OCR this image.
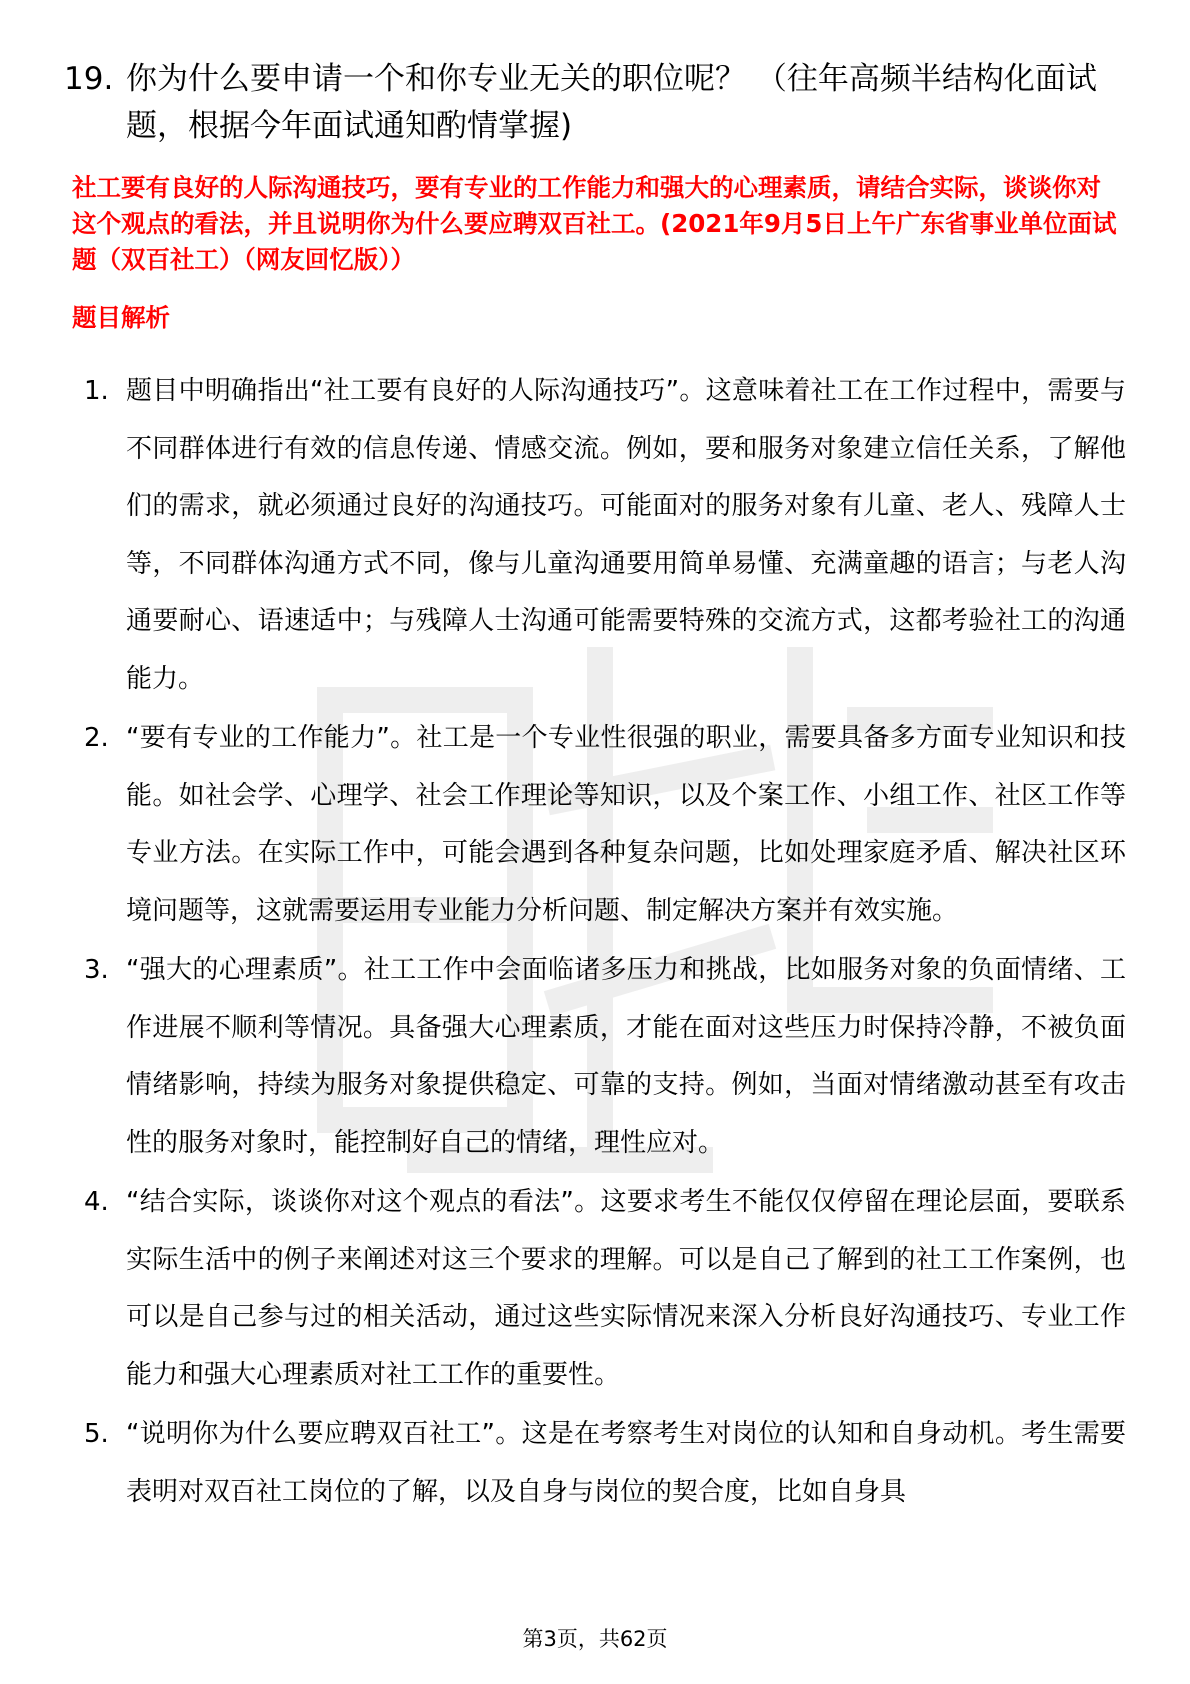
19. 你为什么要申请一个和你专业无关的职位呢？ （往年高频半结构化面试题，根据今年面试通知酌情掌握)
社工要有良好的人际沟通技巧，要有专业的工作能力和强大的心理素质，请结合实际，谈谈你对这个观点的看法，并且说明你为什么要应聘双百社工。(2021年9月5日上午广东省事业单位面试题（双百社工）（网友回忆版））
题目解析
1. 题目中明确指出“社工要有良好的人际沟通技巧”。这意味着社工在工作过程中，需要与不同群体进行有效的信息传递、情感交流。例如，要和服务对象建立信任关系，了解他们的需求，就必须通过良好的沟通技巧。可能面对的服务对象有儿童、老人、残障人士等，不同群体沟通方式不同，像与儿童沟通要用简单易懂、充满童趣的语言；与老人沟通要耐心、语速适中；与残障人士沟通可能需要特殊的交流方式，这都考验社工的沟通能力。
2. “要有专业的工作能力”。社工是一个专业性很强的职业，需要具备多方面专业知识和技能。如社会学、心理学、社会工作理论等知识，以及个案工作、小组工作、社区工作等专业方法。在实际工作中，可能会遇到各种复杂问题，比如处理家庭矛盾、解决社区环境问题等，这就需要运用专业能力分析问题、制定解决方案并有效实施。
3. “强大的心理素质”。社工工作中会面临诸多压力和挑战，比如服务对象的负面情绪、工作进展不顺利等情况。具备强大心理素质，才能在面对这些压力时保持冷静，不被负面情绪影响，持续为服务对象提供稳定、可靠的支持。例如，当面对情绪激动甚至有攻击性的服务对象时，能控制好自己的情绪，理性应对。
4. “结合实际，谈谈你对这个观点的看法”。这要求考生不能仅仅停留在理论层面，要联系实际生活中的例子来阐述对这三个要求的理解。可以是自己了解到的社工工作案例，也可以是自己参与过的相关活动，通过这些实际情况来深入分析良好沟通技巧、专业工作能力和强大心理素质对社工工作的重要性。
5. “说明你为什么要应聘双百社工”。这是在考察考生对岗位的认知和自身动机。考生需要表明对双百社工岗位的了解，以及自身与岗位的契合度，比如自身具
第3页，共62页
